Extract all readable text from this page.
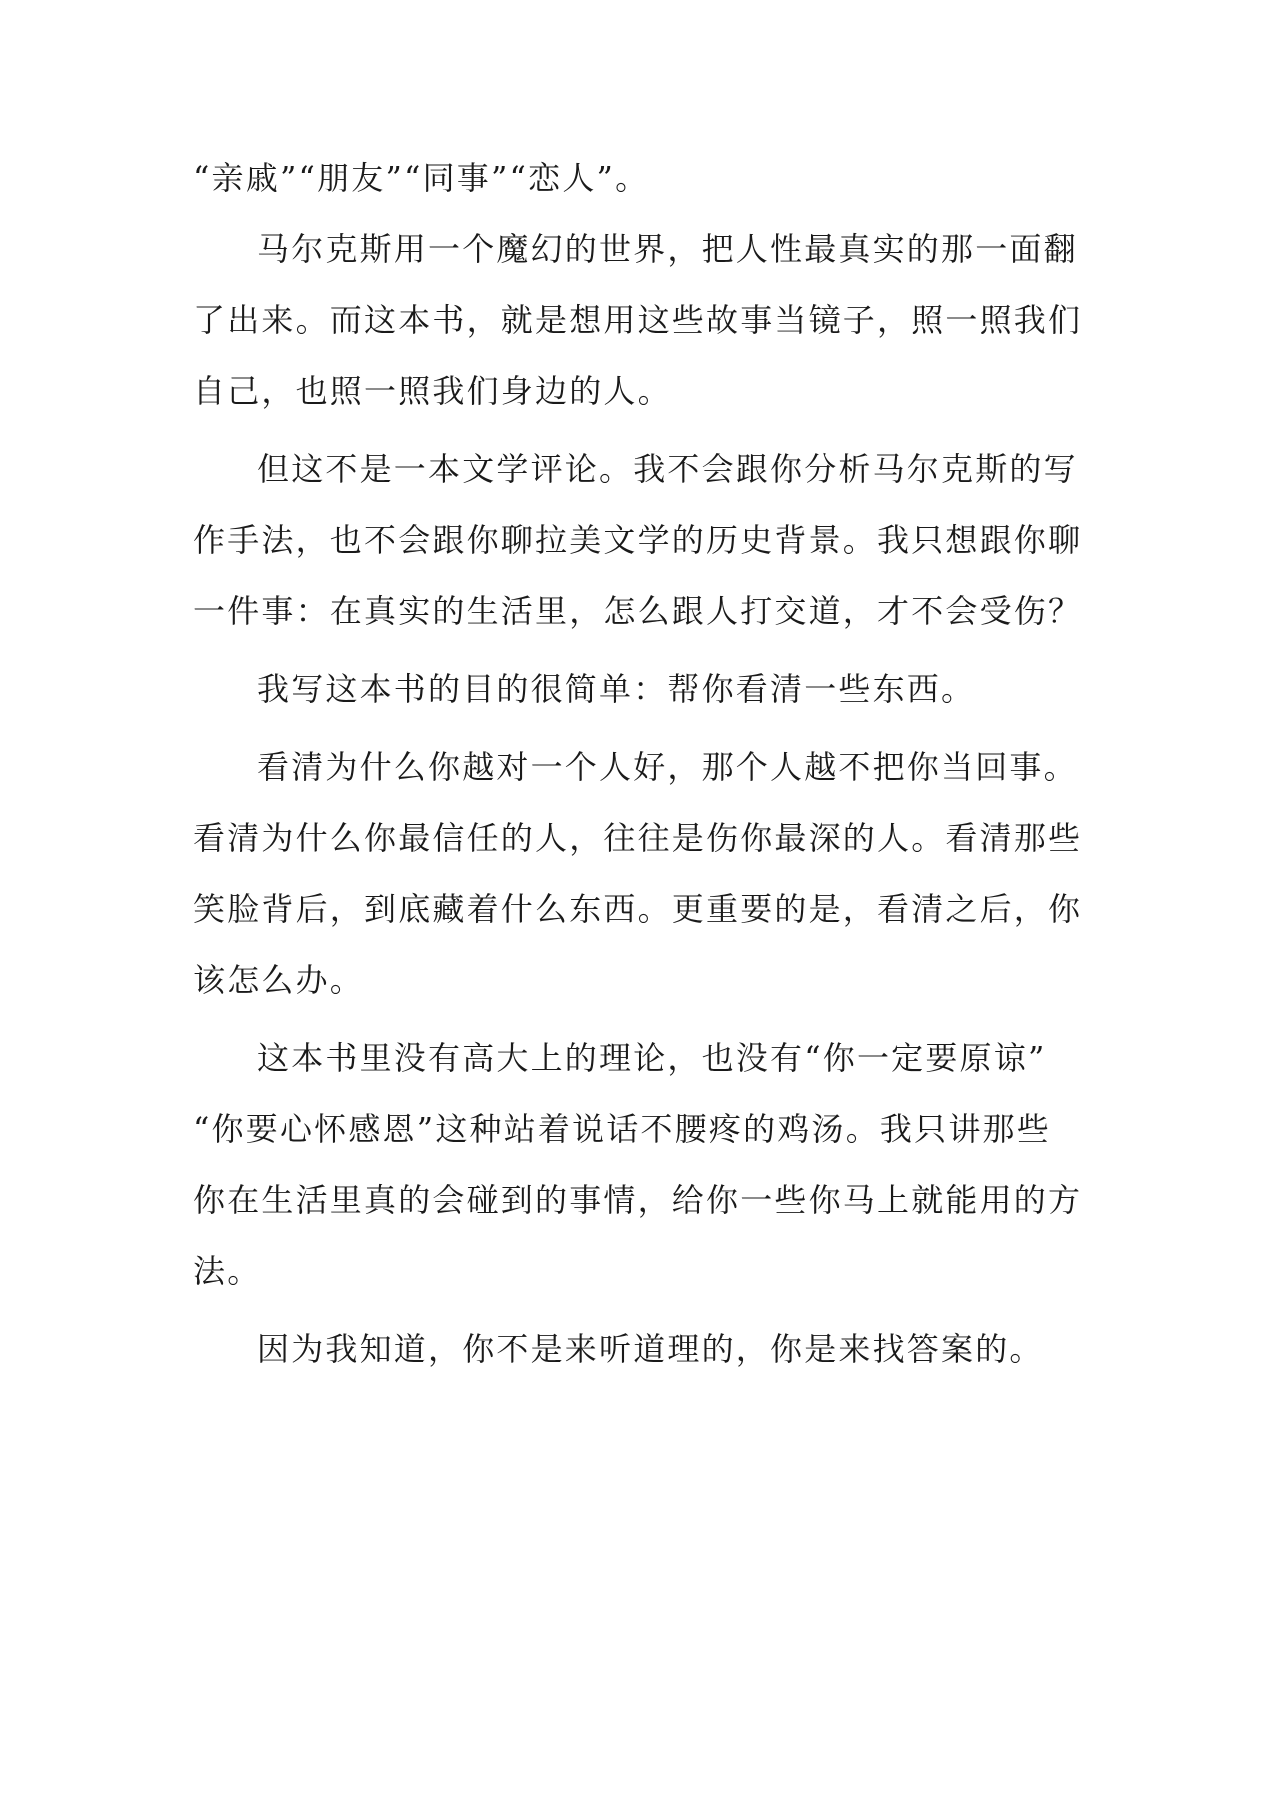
“亲戚”“朋友”“同事”“恋人”。
马尔克斯用一个魔幻的世界，把人性最真实的那一面翻
了出来。而这本书，就是想用这些故事当镜子，照一照我们
自己，也照一照我们身边的人。
但这不是一本文学评论。我不会跟你分析马尔克斯的写
作手法，也不会跟你聊拉美文学的历史背景。我只想跟你聊
一件事：在真实的生活里，怎么跟人打交道，才不会受伤？
我写这本书的目的很简单：帮你看清一些东西。
看清为什么你越对一个人好，那个人越不把你当回事。
看清为什么你最信任的人，往往是伤你最深的人。看清那些
笑脸背后，到底藏着什么东西。更重要的是，看清之后，你
该怎么办。
这本书里没有高大上的理论，也没有“你一定要原谅”
“你要心怀感恩”这种站着说话不腰疼的鸡汤。我只讲那些
你在生活里真的会碰到的事情，给你一些你马上就能用的方
法。
因为我知道，你不是来听道理的，你是来找答案的。
